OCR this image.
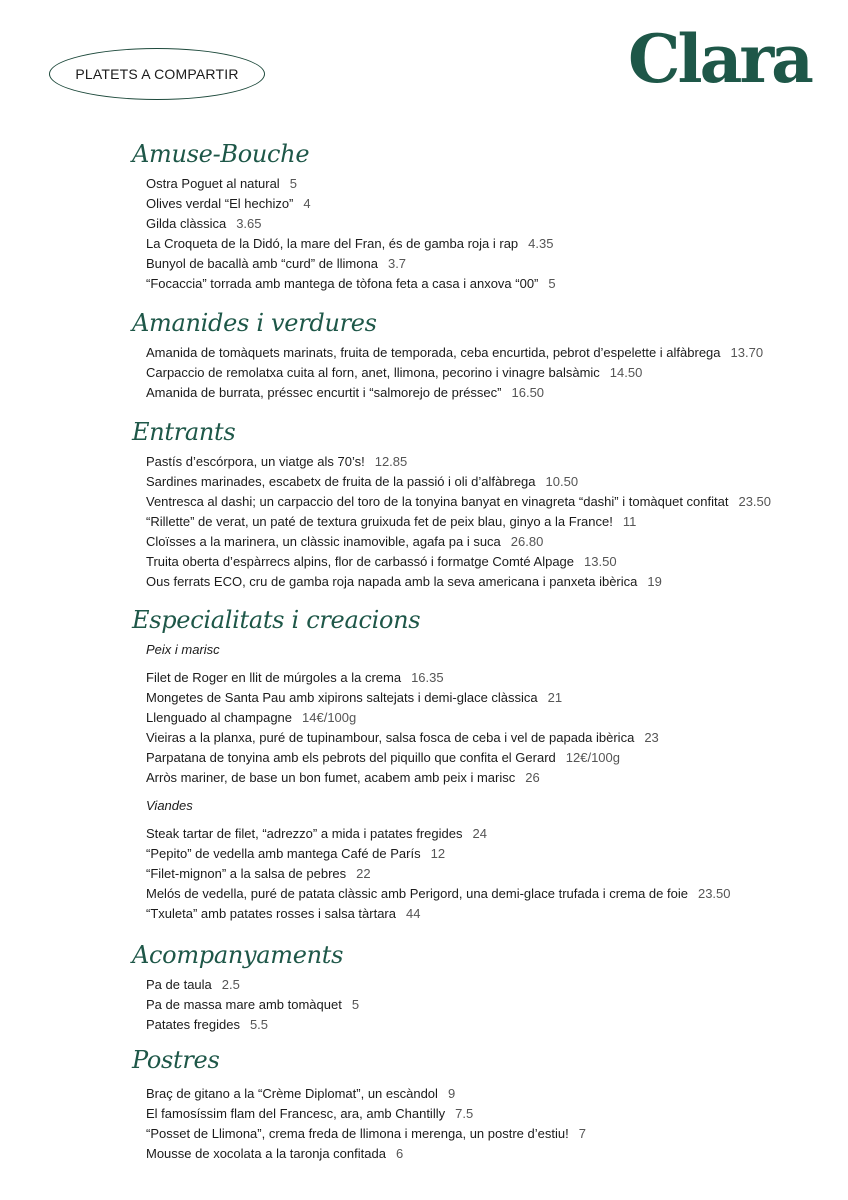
PLATETS A COMPARTIR	Clara
Amuse-Bouche
Ostra Poguet al natural 5
Olives verdal “El hechizo” 4
Gilda clàssica 3.65
La Croqueta de la Didó, la mare del Fran, és de gamba roja i rap 4.35
Bunyol de bacallà amb “curd” de llimona 3.7
“Focaccia” torrada amb mantega de tòfona feta a casa i anxova “00” 5
Amanides i verdures
Amanida de tomàquets marinats, fruita de temporada, ceba encurtida, pebrot d’espelette i alfàbrega 13.70
Carpaccio de remolatxa cuita al forn, anet, llimona, pecorino i vinagre balsàmic 14.50
Amanida de burrata, préssec encurtit i “salmorejo de préssec” 16.50
Entrants
Pastís d’escórpora, un viatge als 70’s! 12.85
Sardines marinades, escabetx de fruita de la passió i oli d’alfàbrega 10.50
Ventresca al dashi; un carpaccio del toro de la tonyina banyat en vinagreta “dashi” i tomàquet confitat 23.50
“Rillette” de verat, un paté de textura gruixuda fet de peix blau, ginyo a la France! 11
Cloïsses a la marinera, un clàssic inamovible, agafa pa i suca 26.80
Truita oberta d’espàrrecs alpins, flor de carbassó i formatge Comté Alpage 13.50
Ous ferrats ECO, cru de gamba roja napada amb la seva americana i panxeta ibèrica 19
Especialitats i creacions
Peix i marisc
Filet de Roger en llit de múrgoles a la crema 16.35
Mongetes de Santa Pau amb xipirons saltejats i demi-glace clàssica 21
Llenguado al champagne 14€/100g
Vieiras a la planxa, puré de tupinambour, salsa fosca de ceba i vel de papada ibèrica 23
Parpatana de tonyina amb els pebrots del piquillo que confita el Gerard 12€/100g
Arròs mariner, de base un bon fumet, acabem amb peix i marisc 26
Viandes
Steak tartar de filet, “adrezzo” a mida i patates fregides 24
“Pepito” de vedella amb mantega Café de París 12
“Filet-mignon” a la salsa de pebres 22
Melós de vedella, puré de patata clàssic amb Perigord, una demi-glace trufada i crema de foie 23.50
“Txuleta” amb patates rosses i salsa tàrtara 44
Acompanyaments
Pa de taula 2.5
Pa de massa mare amb tomàquet 5
Patates fregides 5.5
Postres
Braç de gitano a la “Crème Diplomat”, un escàndol 9
El famosíssim flam del Francesc, ara, amb Chantilly 7.5
“Posset de Llimona”, crema freda de llimona i merenga, un postre d’estiu! 7
Mousse de xocolata a la taronja confitada 6
